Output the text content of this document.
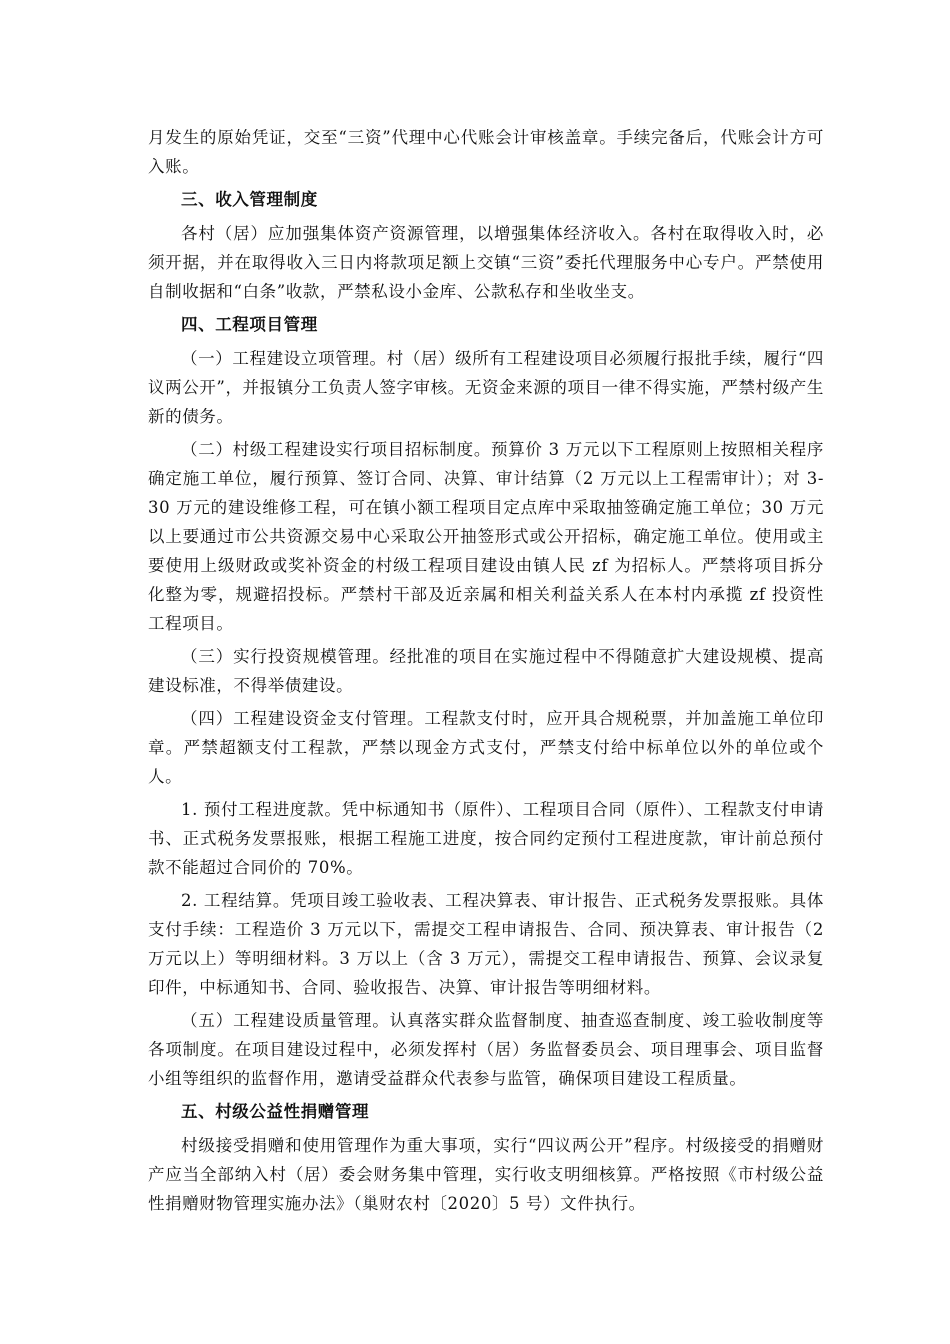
月发生的原始凭证，交至“三资”代理中心代账会计审核盖章。手续完备后，代账会计方可入账。

三、收入管理制度

各村（居）应加强集体资产资源管理，以增强集体经济收入。各村在取得收入时，必须开据，并在取得收入三日内将款项足额上交镇“三资”委托代理服务中心专户。严禁使用自制收据和“白条”收款，严禁私设小金库、公款私存和坐收坐支。

四、工程项目管理

（一）工程建设立项管理。村（居）级所有工程建设项目必须履行报批手续，履行“四议两公开”，并报镇分工负责人签字审核。无资金来源的项目一律不得实施，严禁村级产生新的债务。

（二）村级工程建设实行项目招标制度。预算价 3 万元以下工程原则上按照相关程序确定施工单位，履行预算、签订合同、决算、审计结算（2 万元以上工程需审计）；对 3-30 万元的建设维修工程，可在镇小额工程项目定点库中采取抽签确定施工单位；30 万元以上要通过市公共资源交易中心采取公开抽签形式或公开招标，确定施工单位。使用或主要使用上级财政或奖补资金的村级工程项目建设由镇人民 zf 为招标人。严禁将项目拆分化整为零，规避招投标。严禁村干部及近亲属和相关利益关系人在本村内承揽 zf 投资性工程项目。

（三）实行投资规模管理。经批准的项目在实施过程中不得随意扩大建设规模、提高建设标准，不得举债建设。

（四）工程建设资金支付管理。工程款支付时，应开具合规税票，并加盖施工单位印章。严禁超额支付工程款，严禁以现金方式支付，严禁支付给中标单位以外的单位或个人。

1. 预付工程进度款。凭中标通知书（原件）、工程项目合同（原件）、工程款支付申请书、正式税务发票报账，根据工程施工进度，按合同约定预付工程进度款，审计前总预付款不能超过合同价的 70%。

2. 工程结算。凭项目竣工验收表、工程决算表、审计报告、正式税务发票报账。具体支付手续：工程造价 3 万元以下，需提交工程申请报告、合同、预决算表、审计报告（2 万元以上）等明细材料。3 万以上（含 3 万元），需提交工程申请报告、预算、会议录复印件，中标通知书、合同、验收报告、决算、审计报告等明细材料。

（五）工程建设质量管理。认真落实群众监督制度、抽查巡查制度、竣工验收制度等各项制度。在项目建设过程中，必须发挥村（居）务监督委员会、项目理事会、项目监督小组等组织的监督作用，邀请受益群众代表参与监管，确保项目建设工程质量。

五、村级公益性捐赠管理

村级接受捐赠和使用管理作为重大事项，实行“四议两公开”程序。村级接受的捐赠财产应当全部纳入村（居）委会财务集中管理，实行收支明细核算。严格按照《市村级公益性捐赠财物管理实施办法》（巢财农村〔2020〕5 号）文件执行。
